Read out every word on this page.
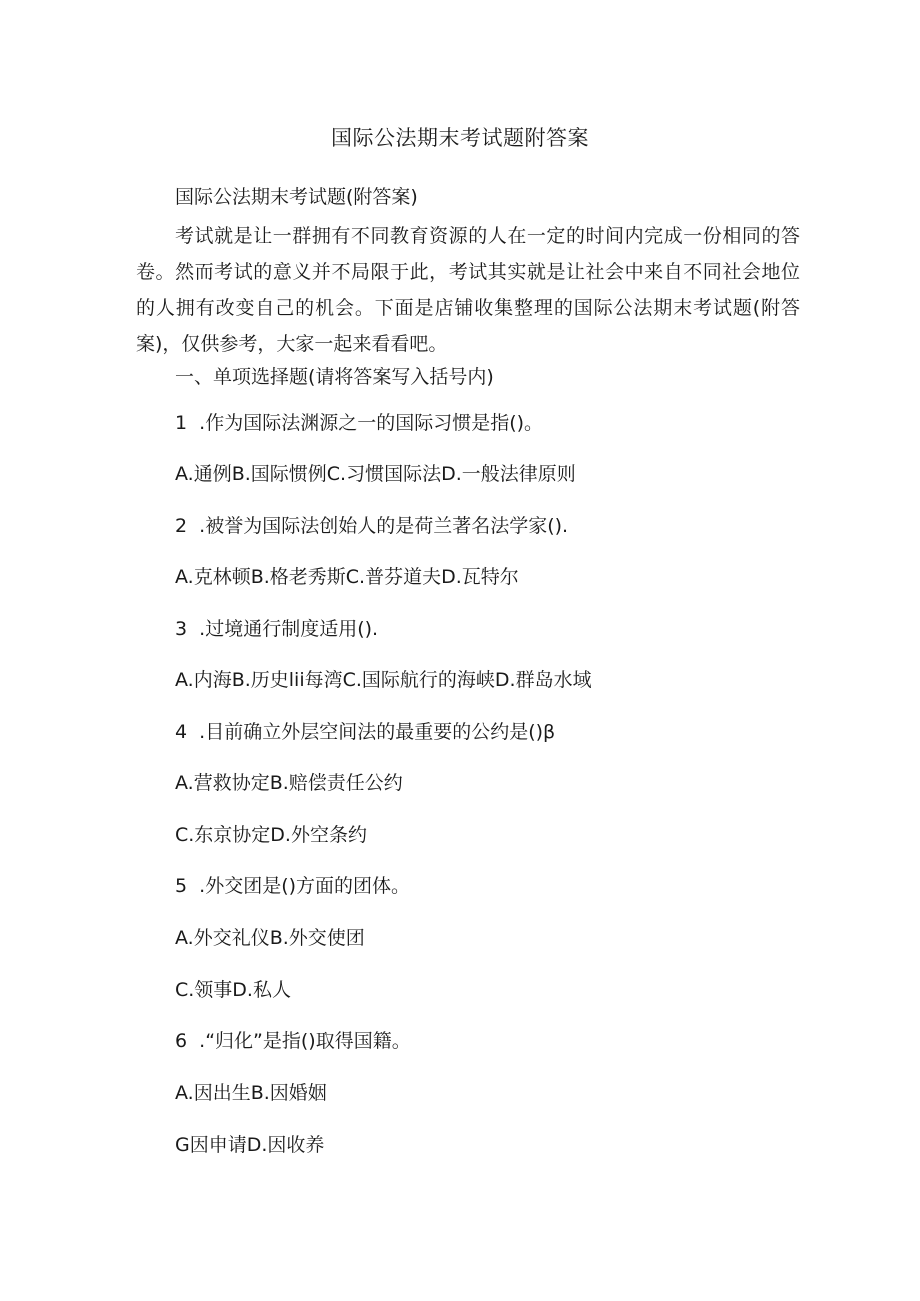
国际公法期末考试题附答案
国际公法期末考试题(附答案)

考试就是让一群拥有不同教育资源的人在一定的时间内完成一份相同的答卷。然而考试的意义并不局限于此，考试其实就是让社会中来自不同社会地位的人拥有改变自己的机会。下面是店铺收集整理的国际公法期末考试题(附答案)，仅供参考，大家一起来看看吧。

一、单项选择题(请将答案写入括号内)
1  .作为国际法渊源之一的国际习惯是指()。
A.通例B.国际惯例C.习惯国际法D.一般法律原则
2  .被誉为国际法创始人的是荷兰著名法学家().
A.克林顿B.格老秀斯C.普芬道夫D.瓦特尔
3  .过境通行制度适用().
A.内海B.历史lii每湾C.国际航行的海峡D.群岛水域
4  .目前确立外层空间法的最重要的公约是()β
A.营救协定B.赔偿责任公约
C.东京协定D.外空条约
5  .外交团是()方面的团体。
A.外交礼仪B.外交使团
C.领事D.私人
6  .“归化”是指()取得国籍。
A.因出生B.因婚姻
G因申请D.因收养
